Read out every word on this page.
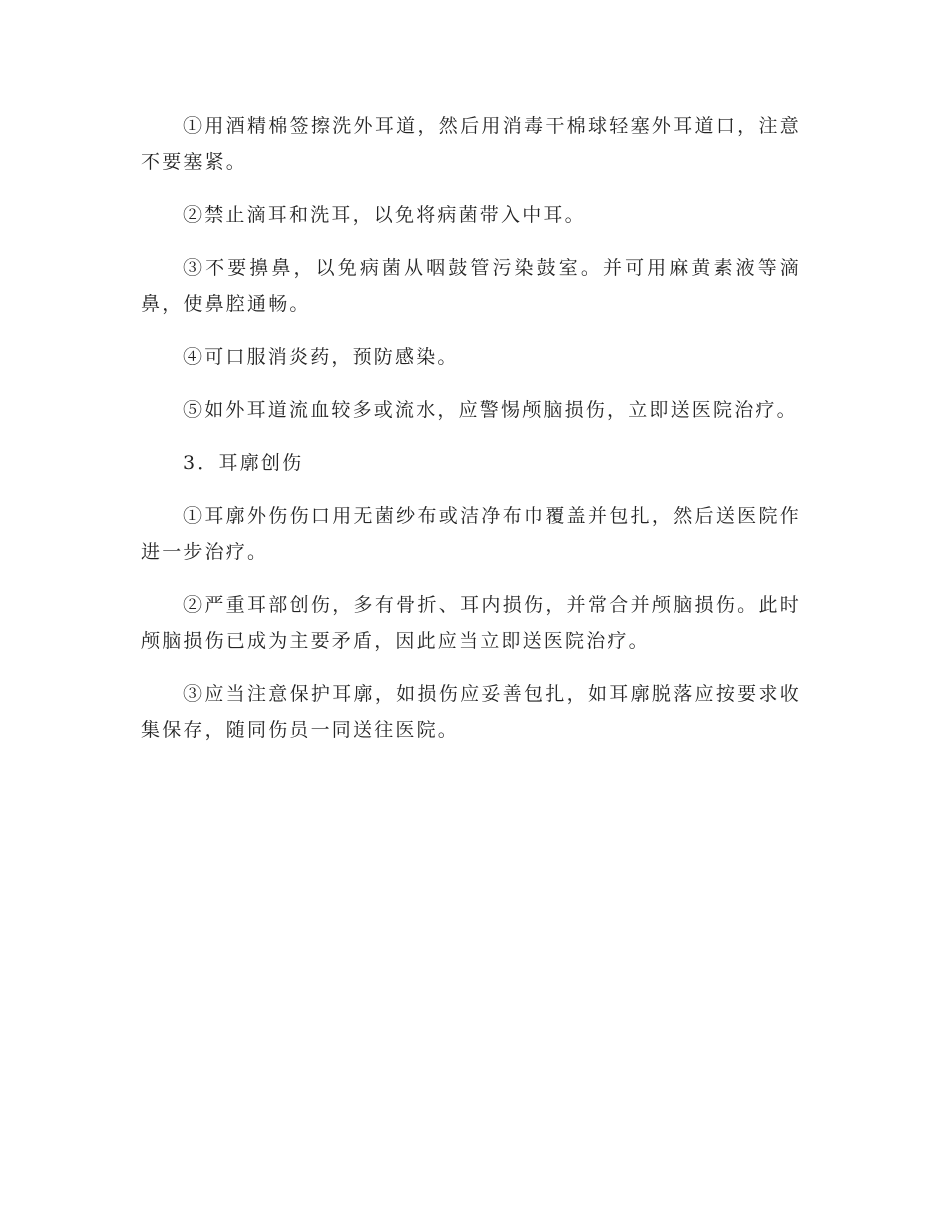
①用酒精棉签擦洗外耳道，然后用消毒干棉球轻塞外耳道口，注意不要塞紧。

②禁止滴耳和洗耳，以免将病菌带入中耳。

③不要擤鼻，以免病菌从咽鼓管污染鼓室。并可用麻黄素液等滴鼻，使鼻腔通畅。

④可口服消炎药，预防感染。

⑤如外耳道流血较多或流水，应警惕颅脑损伤，立即送医院治疗。

3．耳廓创伤

①耳廓外伤伤口用无菌纱布或洁净布巾覆盖并包扎，然后送医院作进一步治疗。

②严重耳部创伤，多有骨折、耳内损伤，并常合并颅脑损伤。此时颅脑损伤已成为主要矛盾，因此应当立即送医院治疗。

③应当注意保护耳廓，如损伤应妥善包扎，如耳廓脱落应按要求收集保存，随同伤员一同送往医院。
